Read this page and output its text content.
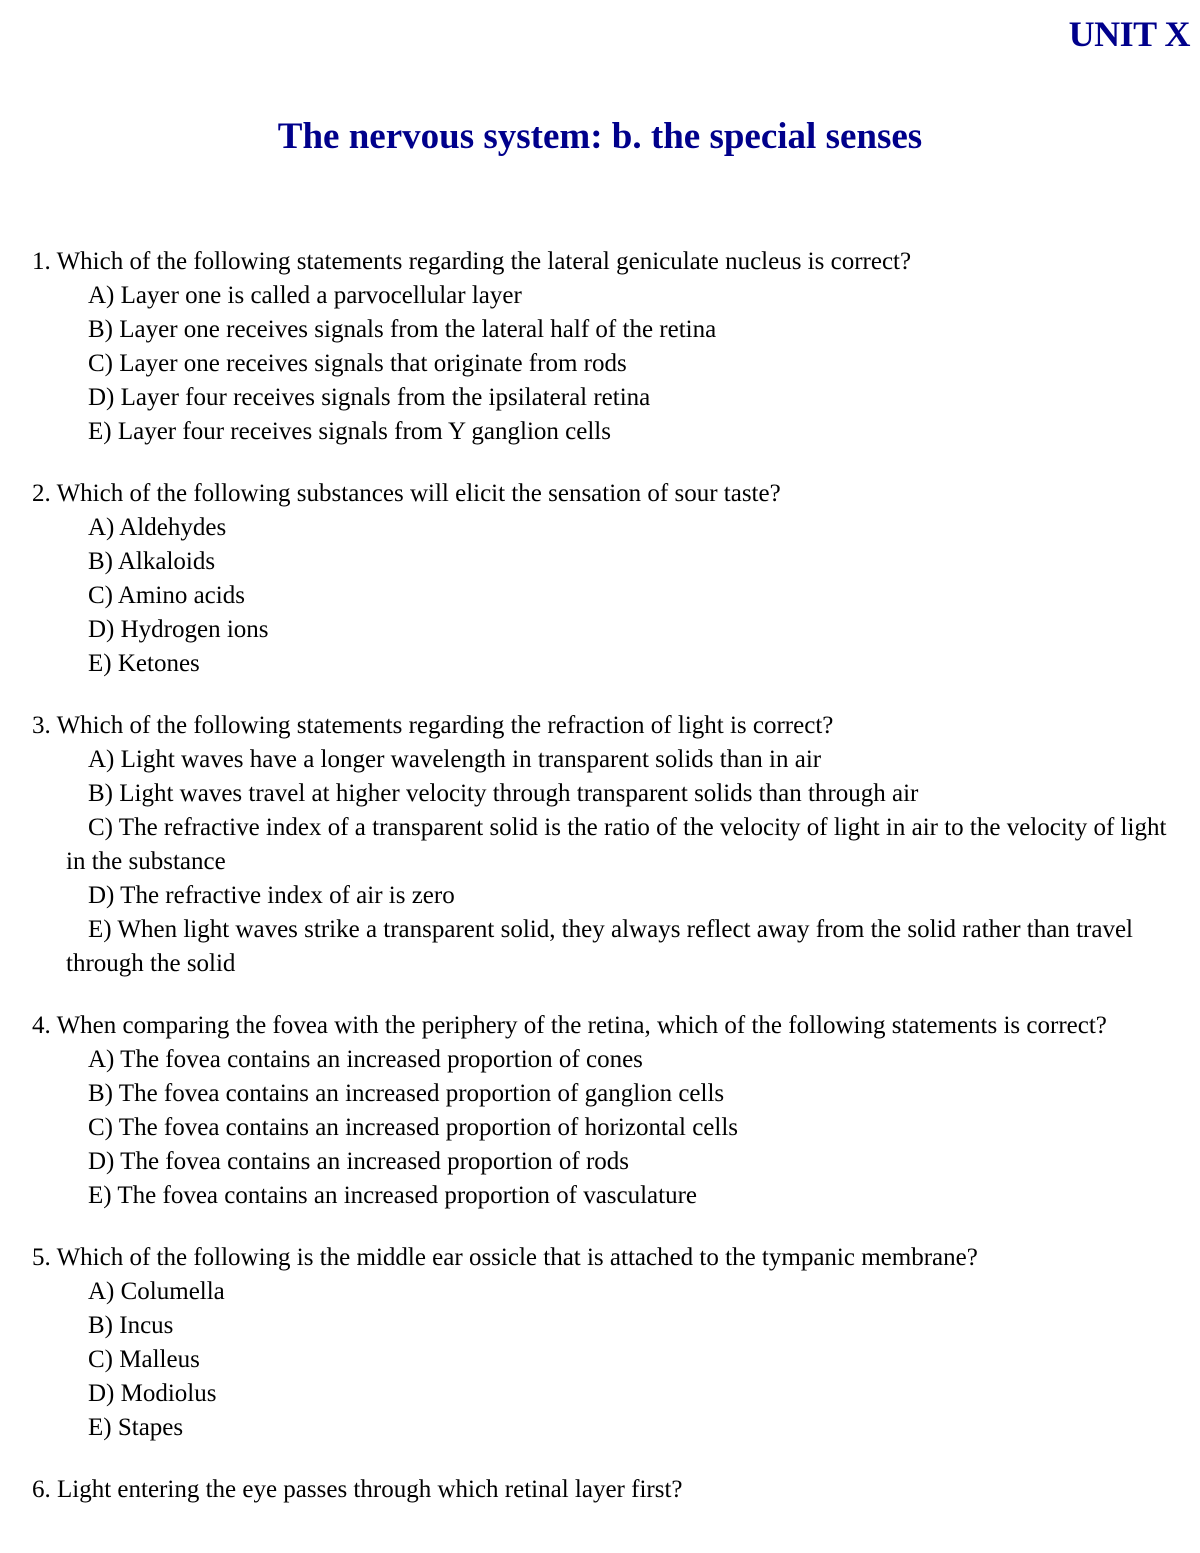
UNIT X
The nervous system: b. the special senses
1. Which of the following statements regarding the lateral geniculate nucleus is correct?
A) Layer one is called a parvocellular layer
B) Layer one receives signals from the lateral half of the retina
C) Layer one receives signals that originate from rods
D) Layer four receives signals from the ipsilateral retina
E) Layer four receives signals from Y ganglion cells
2. Which of the following substances will elicit the sensation of sour taste?
A) Aldehydes
B) Alkaloids
C) Amino acids
D) Hydrogen ions
E) Ketones
3. Which of the following statements regarding the refraction of light is correct?
A) Light waves have a longer wavelength in transparent solids than in air
B) Light waves travel at higher velocity through transparent solids than through air
C) The refractive index of a transparent solid is the ratio of the velocity of light in air to the velocity of light in the substance
D) The refractive index of air is zero
E) When light waves strike a transparent solid, they always reflect away from the solid rather than travel through the solid
4. When comparing the fovea with the periphery of the retina, which of the following statements is correct?
A) The fovea contains an increased proportion of cones
B) The fovea contains an increased proportion of ganglion cells
C) The fovea contains an increased proportion of horizontal cells
D) The fovea contains an increased proportion of rods
E) The fovea contains an increased proportion of vasculature
5. Which of the following is the middle ear ossicle that is attached to the tympanic membrane?
A) Columella
B) Incus
C) Malleus
D) Modiolus
E) Stapes
6. Light entering the eye passes through which retinal layer first?
